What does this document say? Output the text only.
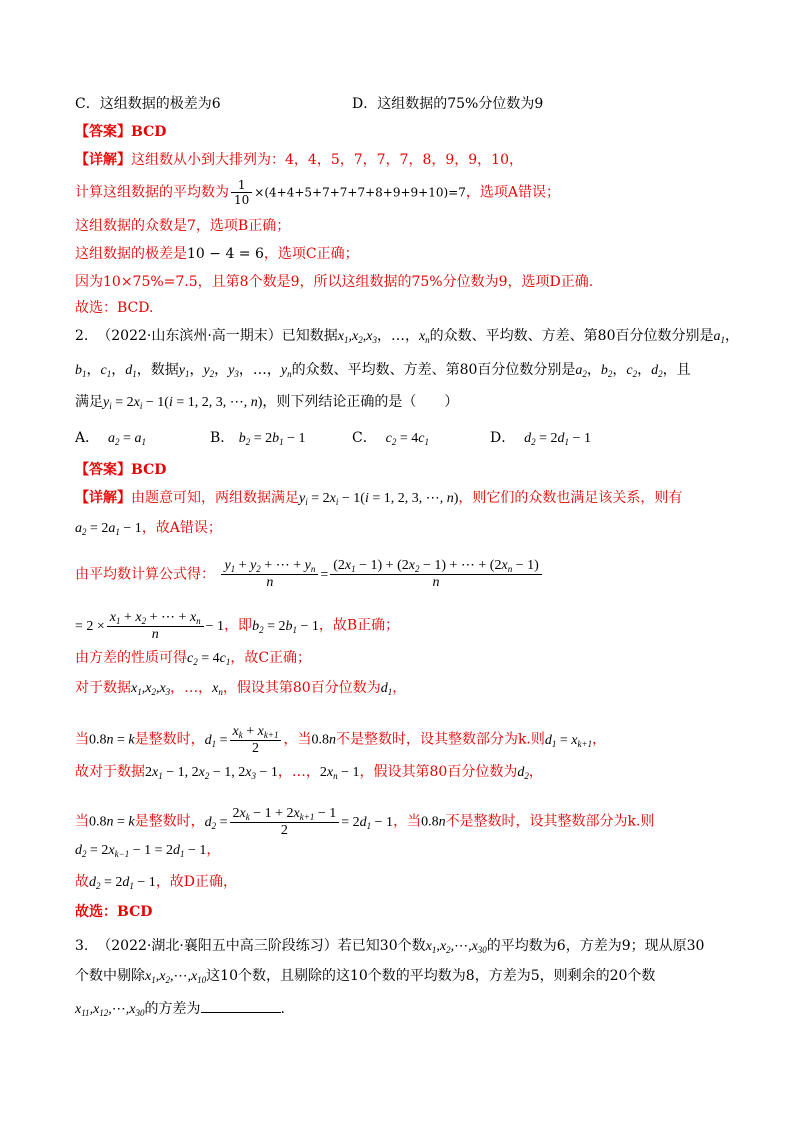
C．这组数据的极差为6	D．这组数据的75%分位数为9
【答案】BCD
【详解】这组数从小到大排列为：4，4，5，7，7，7，8，9，9，10，
计算这组数据的平均数为 $\frac{1}{10} \times(4+4+5+7+7+7+8+9+9+10)=7$，选项A错误；
这组数据的众数是7，选项B正确；
这组数据的极差是10 − 4 = 6，选项C正确；
因为10×75%=7.5，且第8个数是9，所以这组数据的75%分位数为9，选项D正确.
故选：BCD.
2. （2022·山东滨州·高一期末）已知数据$x_1,x_2,x_3$，…，$x_n$的众数、平均数、方差、第80百分位数分别是$a_1$，
$b_1$，$c_1$，$d_1$，数据$y_1$，$y_2$，$y_3$，…，$y_n$的众数、平均数、方差、第80百分位数分别是$a_2$，$b_2$，$c_2$，$d_2$，且
满足$y_i = 2x_i - 1(i = 1$, 2, 3, ⋯, n)，则下列结论正确的是（　　）
A． $a_2 = a_1$	B． $b_2 = 2b_1 - 1$	C． $c_2 = 4c_1$	D． $d_2 = 2d_1 - 1$
【答案】BCD
【详解】由题意可知，两组数据满足$y_i = 2x_i - 1(i = 1$, 2, 3, ⋯, n)，则它们的众数也满足该关系，则有
$a_2 = 2a_1 - 1$，故A错误；
由平均数计算公式得： $\frac{y_1 + y_2 + \cdots + y_n}{n} = \frac{(2x_1 - 1) + (2x_2 - 1) + \cdots + (2x_n - 1)}{n}$
= $2 \times \frac{x_1 + x_2 + \cdots + x_n}{n} - 1$，即$b_2 = 2b_1 - 1$，故B正确；
由方差的性质可得$c_2 = 4c_1$，故C正确；
对于数据$x_1,x_2,x_3$，…，$x_n$，假设其第80百分位数为$d_1$，
当0.8n = k是整数时，$d_1 = \frac{x_k + x_{k+1}}{2}$ ，当0.8n不是整数时，设其整数部分为k.则$d_1 = x_{k+1}$，
故对于数据$2x_1 - 1$, $2x_2 - 1$, $2x_3 - 1$，…，$2x_n - 1$，假设其第80百分位数为$d_2$，
当0.8n = k是整数时，$d_2 = \frac{2x_k - 1 + 2x_{k+1} - 1}{2} = 2d_1 - 1$，当0.8n不是整数时，设其整数部分为k.则
$d_2 = 2x_{k-1} - 1 = 2d_1 - 1$，
故$d_2 = 2d_1 - 1$，故D正确，
故选：BCD
3. （2022·湖北·襄阳五中高三阶段练习）若已知30个数$x_1,x_2,\cdots,x_{30}$的平均数为6，方差为9；现从原30
个数中剔除$x_1,x_2,\cdots,x_{10}$这10个数，且剔除的这10个数的平均数为8，方差为5，则剩余的20个数
$x_{11},x_{12},\cdots,x_{30}$的方差为	.
